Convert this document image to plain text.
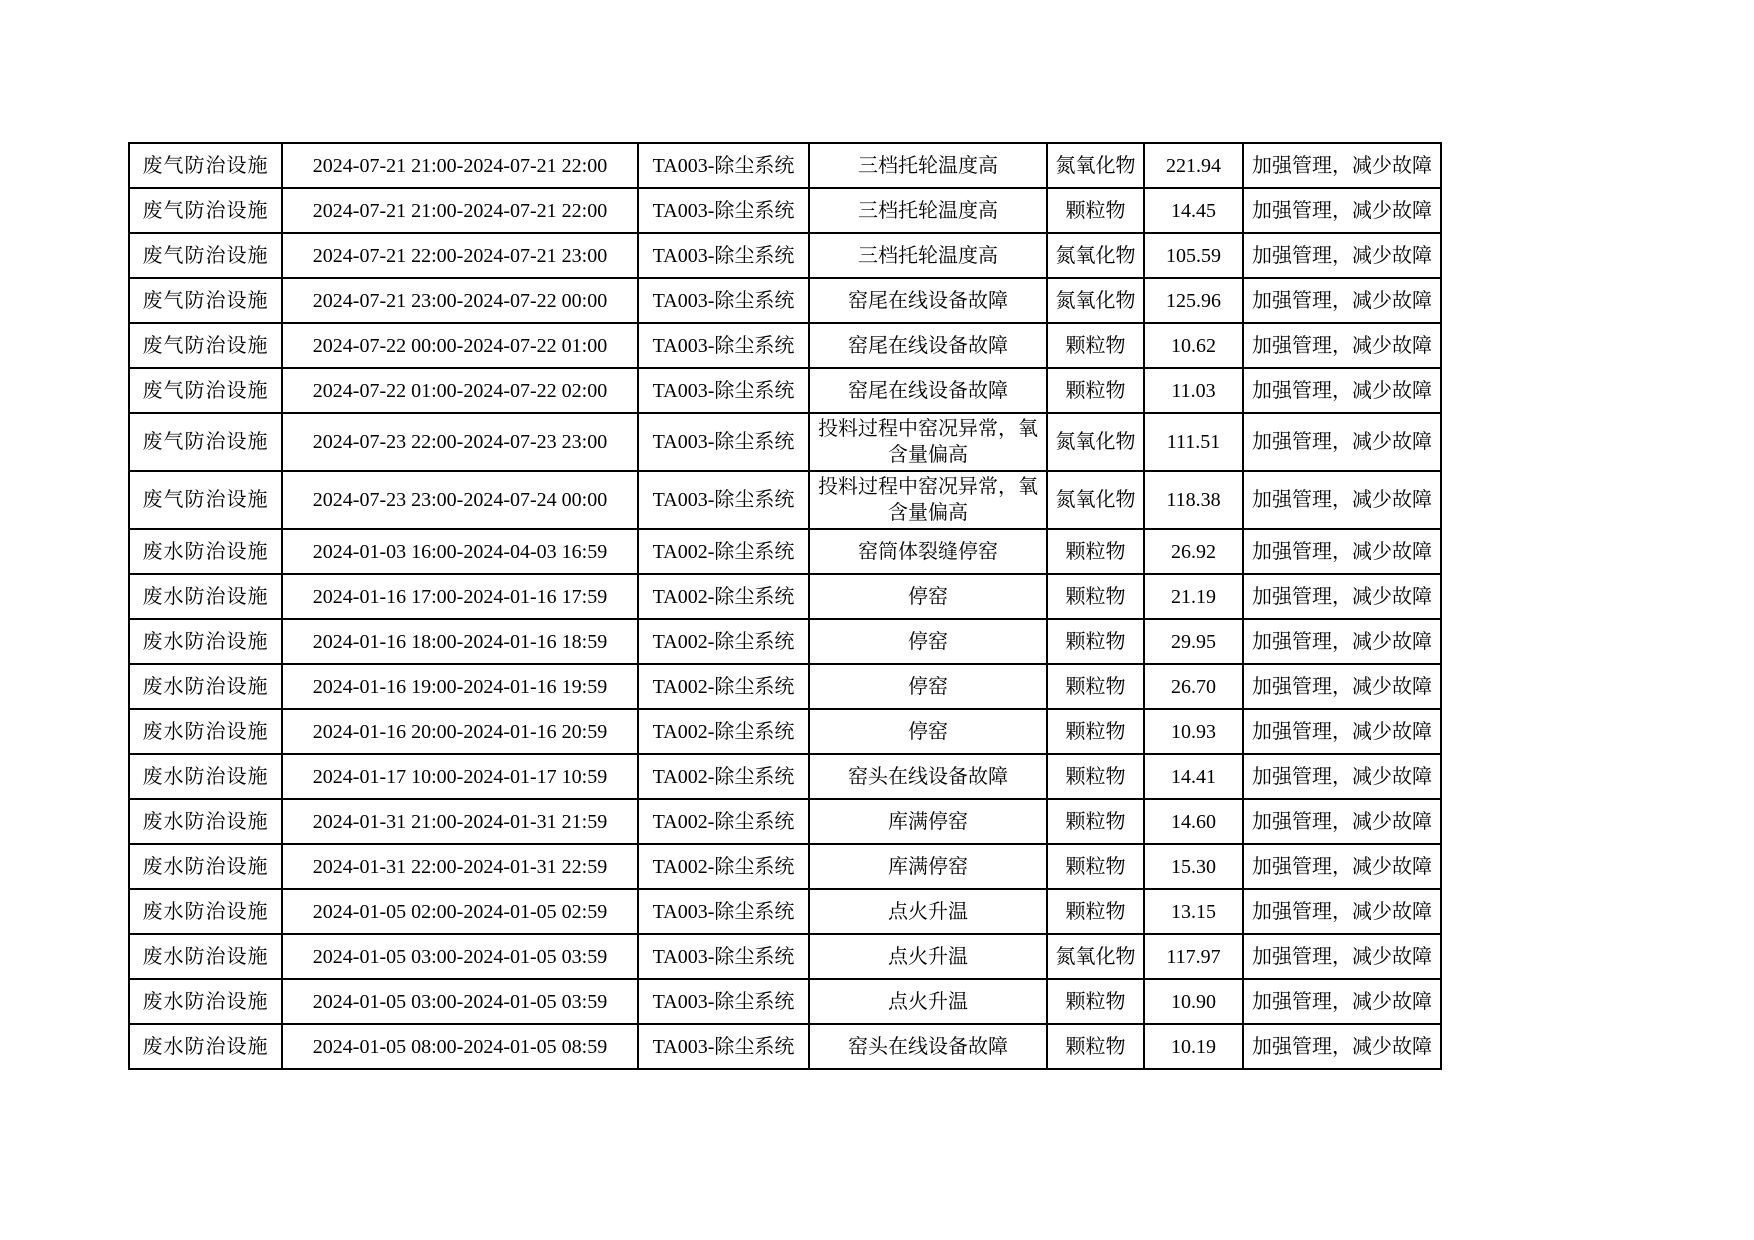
废气防治设施	2024-07-21 21:00-2024-07-21 22:00	TA003-除尘系统	三档托轮温度高	氮氧化物	221.94	加强管理，减少故障
废气防治设施	2024-07-21 21:00-2024-07-21 22:00	TA003-除尘系统	三档托轮温度高	颗粒物	14.45	加强管理，减少故障
废气防治设施	2024-07-21 22:00-2024-07-21 23:00	TA003-除尘系统	三档托轮温度高	氮氧化物	105.59	加强管理，减少故障
废气防治设施	2024-07-21 23:00-2024-07-22 00:00	TA003-除尘系统	窑尾在线设备故障	氮氧化物	125.96	加强管理，减少故障
废气防治设施	2024-07-22 00:00-2024-07-22 01:00	TA003-除尘系统	窑尾在线设备故障	颗粒物	10.62	加强管理，减少故障
废气防治设施	2024-07-22 01:00-2024-07-22 02:00	TA003-除尘系统	窑尾在线设备故障	颗粒物	11.03	加强管理，减少故障
废气防治设施	2024-07-23 22:00-2024-07-23 23:00	TA003-除尘系统	投料过程中窑况异常，氧含量偏高	氮氧化物	111.51	加强管理，减少故障
废气防治设施	2024-07-23 23:00-2024-07-24 00:00	TA003-除尘系统	投料过程中窑况异常，氧含量偏高	氮氧化物	118.38	加强管理，减少故障
废水防治设施	2024-01-03 16:00-2024-04-03 16:59	TA002-除尘系统	窑筒体裂缝停窑	颗粒物	26.92	加强管理，减少故障
废水防治设施	2024-01-16 17:00-2024-01-16 17:59	TA002-除尘系统	停窑	颗粒物	21.19	加强管理，减少故障
废水防治设施	2024-01-16 18:00-2024-01-16 18:59	TA002-除尘系统	停窑	颗粒物	29.95	加强管理，减少故障
废水防治设施	2024-01-16 19:00-2024-01-16 19:59	TA002-除尘系统	停窑	颗粒物	26.70	加强管理，减少故障
废水防治设施	2024-01-16 20:00-2024-01-16 20:59	TA002-除尘系统	停窑	颗粒物	10.93	加强管理，减少故障
废水防治设施	2024-01-17 10:00-2024-01-17 10:59	TA002-除尘系统	窑头在线设备故障	颗粒物	14.41	加强管理，减少故障
废水防治设施	2024-01-31 21:00-2024-01-31 21:59	TA002-除尘系统	库满停窑	颗粒物	14.60	加强管理，减少故障
废水防治设施	2024-01-31 22:00-2024-01-31 22:59	TA002-除尘系统	库满停窑	颗粒物	15.30	加强管理，减少故障
废水防治设施	2024-01-05 02:00-2024-01-05 02:59	TA003-除尘系统	点火升温	颗粒物	13.15	加强管理，减少故障
废水防治设施	2024-01-05 03:00-2024-01-05 03:59	TA003-除尘系统	点火升温	氮氧化物	117.97	加强管理，减少故障
废水防治设施	2024-01-05 03:00-2024-01-05 03:59	TA003-除尘系统	点火升温	颗粒物	10.90	加强管理，减少故障
废水防治设施	2024-01-05 08:00-2024-01-05 08:59	TA003-除尘系统	窑头在线设备故障	颗粒物	10.19	加强管理，减少故障
